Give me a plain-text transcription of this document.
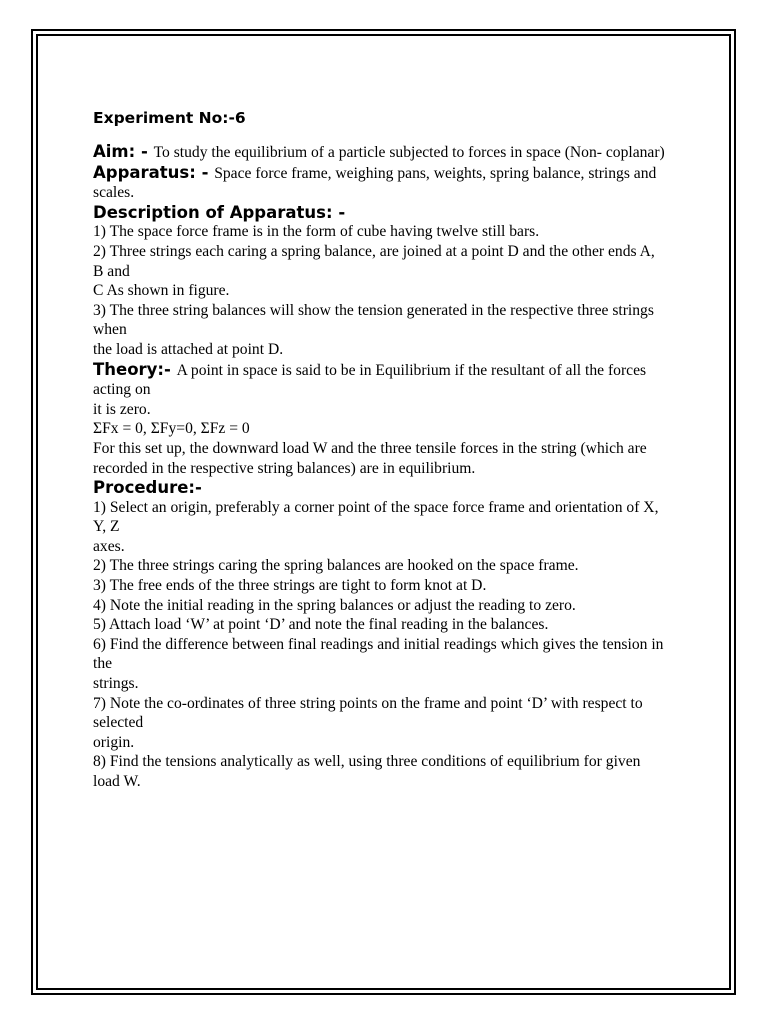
Experiment No:-6

Aim: - To study the equilibrium of a particle subjected to forces in space (Non- coplanar)

Apparatus: - Space force frame, weighing pans, weights, spring balance, strings and scales.

Description of Apparatus: -
1) The space force frame is in the form of cube having twelve still bars.
2) Three strings each caring a spring balance, are joined at a point D and the other ends A, B and
C As shown in figure.
3) The three string balances will show the tension generated in the respective three strings when
the load is attached at point D.

Theory:- A point in space is said to be in Equilibrium if the resultant of all the forces acting on

it is zero.
ΣFx = 0, ΣFy=0, ΣFz = 0
For this set up, the downward load W and the three tensile forces in the string (which are
recorded in the respective string balances) are in equilibrium.
Procedure:-
1) Select an origin, preferably a corner point of the space force frame and orientation of X, Y, Z
axes.
2) The three strings caring the spring balances are hooked on the space frame.
3) The free ends of the three strings are tight to form knot at D.
4) Note the initial reading in the spring balances or adjust the reading to zero.
5) Attach load ‘W’ at point ‘D’ and note the final reading in the balances.
6) Find the difference between final readings and initial readings which gives the tension in the
strings.
7) Note the co-ordinates of three string points on the frame and point ‘D’ with respect to selected
origin.
8) Find the tensions analytically as well, using three conditions of equilibrium for given load W.
